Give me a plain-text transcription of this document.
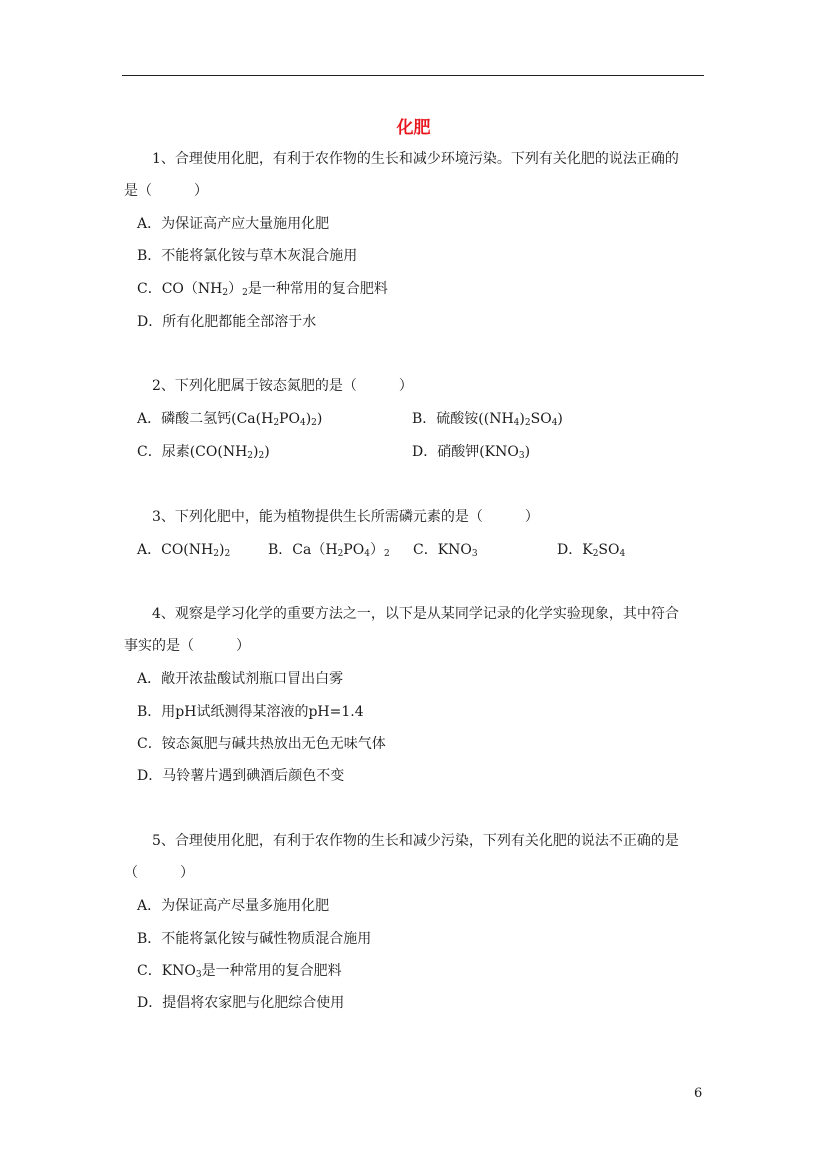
化肥
1、合理使用化肥，有利于农作物的生长和减少环境污染。下列有关化肥的说法正确的
是（　　　）
A．为保证高产应大量施用化肥
B．不能将氯化铵与草木灰混合施用
C．$CO(NH_2)_2$是一种常用的复合肥料
D．所有化肥都能全部溶于水
2、下列化肥属于铵态氮肥的是（　　　）
A．磷酸二氢钙$(Ca(H_2PO_4)_2)$	B．硫酸铵$((NH_4)_2SO_4)$
C．尿素$(CO(NH_2)_2)$	D．硝酸钾$(KNO_3)$
3、下列化肥中，能为植物提供生长所需磷元素的是（　　　）
A．$CO(NH_2)_2$	B．$Ca(H_2PO_4)_2$ C．$KNO_3$	D．$K_2SO_4$
4、观察是学习化学的重要方法之一，以下是从某同学记录的化学实验现象，其中符合
事实的是（　　　）
A．敞开浓盐酸试剂瓶口冒出白雾
B．用pH试纸测得某溶液的pH=1.4
C．铵态氮肥与碱共热放出无色无味气体
D．马铃薯片遇到碘酒后颜色不变
5、合理使用化肥，有利于农作物的生长和减少污染，下列有关化肥的说法不正确的是
（　　　）
A．为保证高产尽量多施用化肥
B．不能将氯化铵与碱性物质混合施用
C．$KNO_3$是一种常用的复合肥料
D．提倡将农家肥与化肥综合使用
6
